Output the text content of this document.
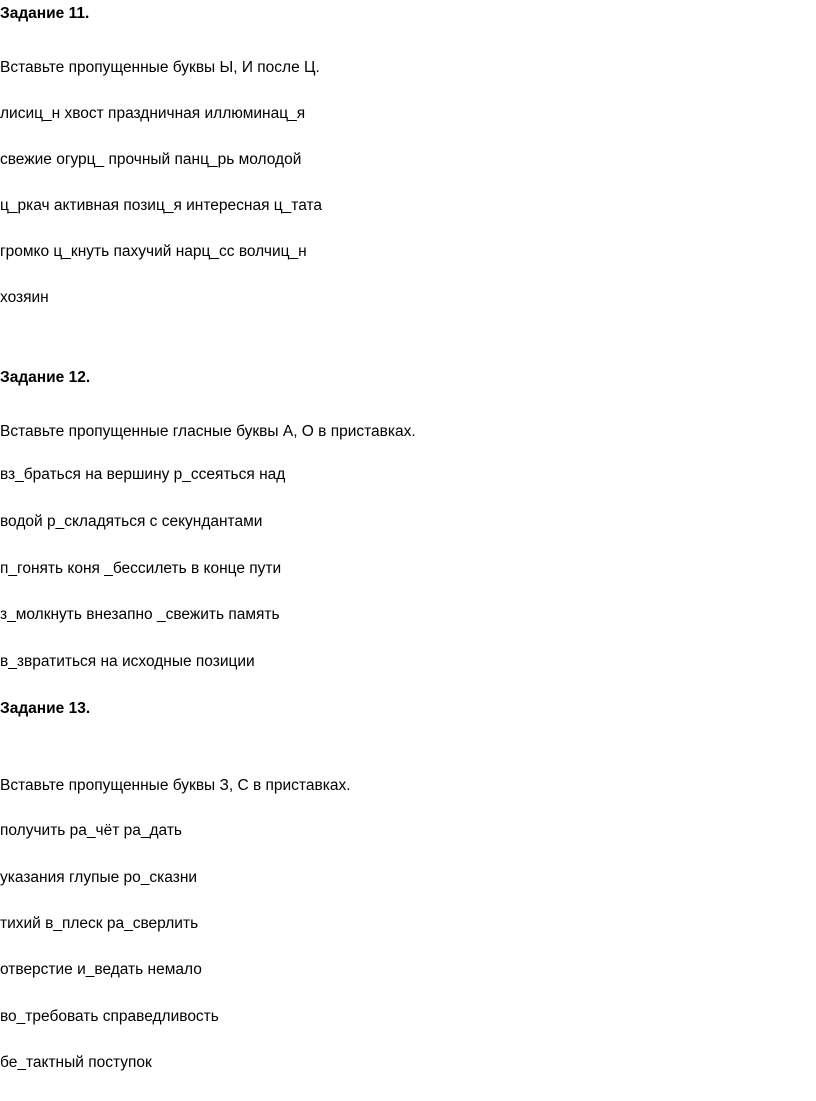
Задание 11.
Вставьте пропущенные буквы Ы, И после Ц.
лисиц_н хвост праздничная иллюминац_я
свежие огурц_ прочный панц_рь молодой
ц_ркач активная позиц_я интересная ц_тата
громко ц_кнуть пахучий нарц_сс волчиц_н
хозяин
Задание 12.
Вставьте пропущенные гласные буквы А, О в приставках.
вз_браться на вершину р_ссеяться над
водой р_складяться с секундантами
п_гонять коня _бессилеть в конце пути
з_молкнуть внезапно _свежить память
в_звратиться на исходные позиции
Задание 13.
Вставьте пропущенные буквы З, С в приставках.
получить ра_чёт ра_дать
указания глупые ро_сказни
тихий в_плеск ра_сверлить
отверстие и_ведать немало
во_требовать справедливость
бе_тактный поступок
